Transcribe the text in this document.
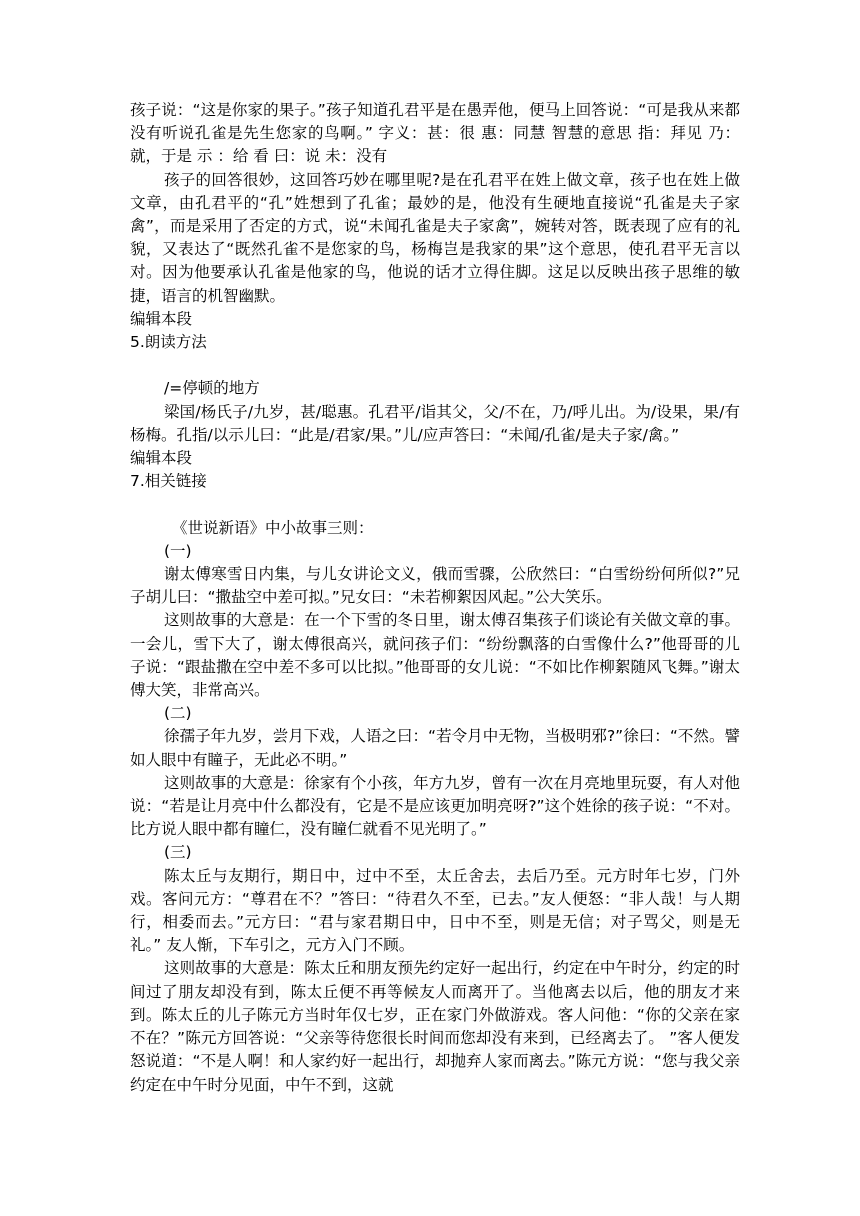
孩子说：“这是你家的果子。”孩子知道孔君平是在愚弄他，便马上回答说：“可是我从来都没有听说孔雀是先生您家的鸟啊。” 字义：甚：很 惠：同慧 智慧的意思 指：拜见 乃：就，于是 示 ：给 看 曰：说 未：没有

孩子的回答很妙，这回答巧妙在哪里呢?是在孔君平在姓上做文章，孩子也在姓上做文章，由孔君平的“孔”姓想到了孔雀；最妙的是，他没有生硬地直接说“孔雀是夫子家禽”，而是采用了否定的方式，说“未闻孔雀是夫子家禽”，婉转对答，既表现了应有的礼貌，又表达了“既然孔雀不是您家的鸟，杨梅岂是我家的果”这个意思，使孔君平无言以对。因为他要承认孔雀是他家的鸟，他说的话才立得住脚。这足以反映出孩子思维的敏捷，语言的机智幽默。

编辑本段
5.朗读方法
/=停顿的地方

梁国/杨氏子/九岁，甚/聪惠。孔君平/诣其父，父/不在，乃/呼儿出。为/设果，果/有杨梅。孔指/以示儿曰：“此是/君家/果。”儿/应声答曰：“未闻/孔雀/是夫子家/禽。”

编辑本段
7.相关链接
《世说新语》中小故事三则：
(一)

谢太傅寒雪日内集，与儿女讲论文义，俄而雪骤，公欣然曰：“白雪纷纷何所似?”兄子胡儿曰：“撒盐空中差可拟。”兄女曰：“未若柳絮因风起。”公大笑乐。

这则故事的大意是：在一个下雪的冬日里，谢太傅召集孩子们谈论有关做文章的事。一会儿，雪下大了，谢太傅很高兴，就问孩子们：“纷纷飘落的白雪像什么?”他哥哥的儿子说：“跟盐撒在空中差不多可以比拟。”他哥哥的女儿说：“不如比作柳絮随风飞舞。”谢太傅大笑，非常高兴。

(二)

徐孺子年九岁，尝月下戏，人语之曰：“若令月中无物，当极明邪?”徐曰：“不然。譬如人眼中有瞳子，无此必不明。”

这则故事的大意是：徐家有个小孩，年方九岁，曾有一次在月亮地里玩耍，有人对他说：“若是让月亮中什么都没有，它是不是应该更加明亮呀?”这个姓徐的孩子说：“不对。比方说人眼中都有瞳仁，没有瞳仁就看不见光明了。”

(三)

陈太丘与友期行，期日中，过中不至，太丘舍去，去后乃至。元方时年七岁，门外戏。客问元方：“尊君在不？”答曰：“待君久不至，已去。”友人便怒：“非人哉！与人期行，相委而去。”元方曰：“君与家君期日中，日中不至，则是无信；对子骂父，则是无礼。” 友人惭，下车引之，元方入门不顾。

这则故事的大意是：陈太丘和朋友预先约定好一起出行，约定在中午时分，约定的时间过了朋友却没有到，陈太丘便不再等候友人而离开了。当他离去以后，他的朋友才来到。陈太丘的儿子陈元方当时年仅七岁，正在家门外做游戏。客人问他：“你的父亲在家不在？”陈元方回答说：“父亲等待您很长时间而您却没有来到，已经离去了。 ”客人便发怒说道：“不是人啊！和人家约好一起出行，却抛弃人家而离去。”陈元方说：“您与我父亲约定在中午时分见面，中午不到，这就
